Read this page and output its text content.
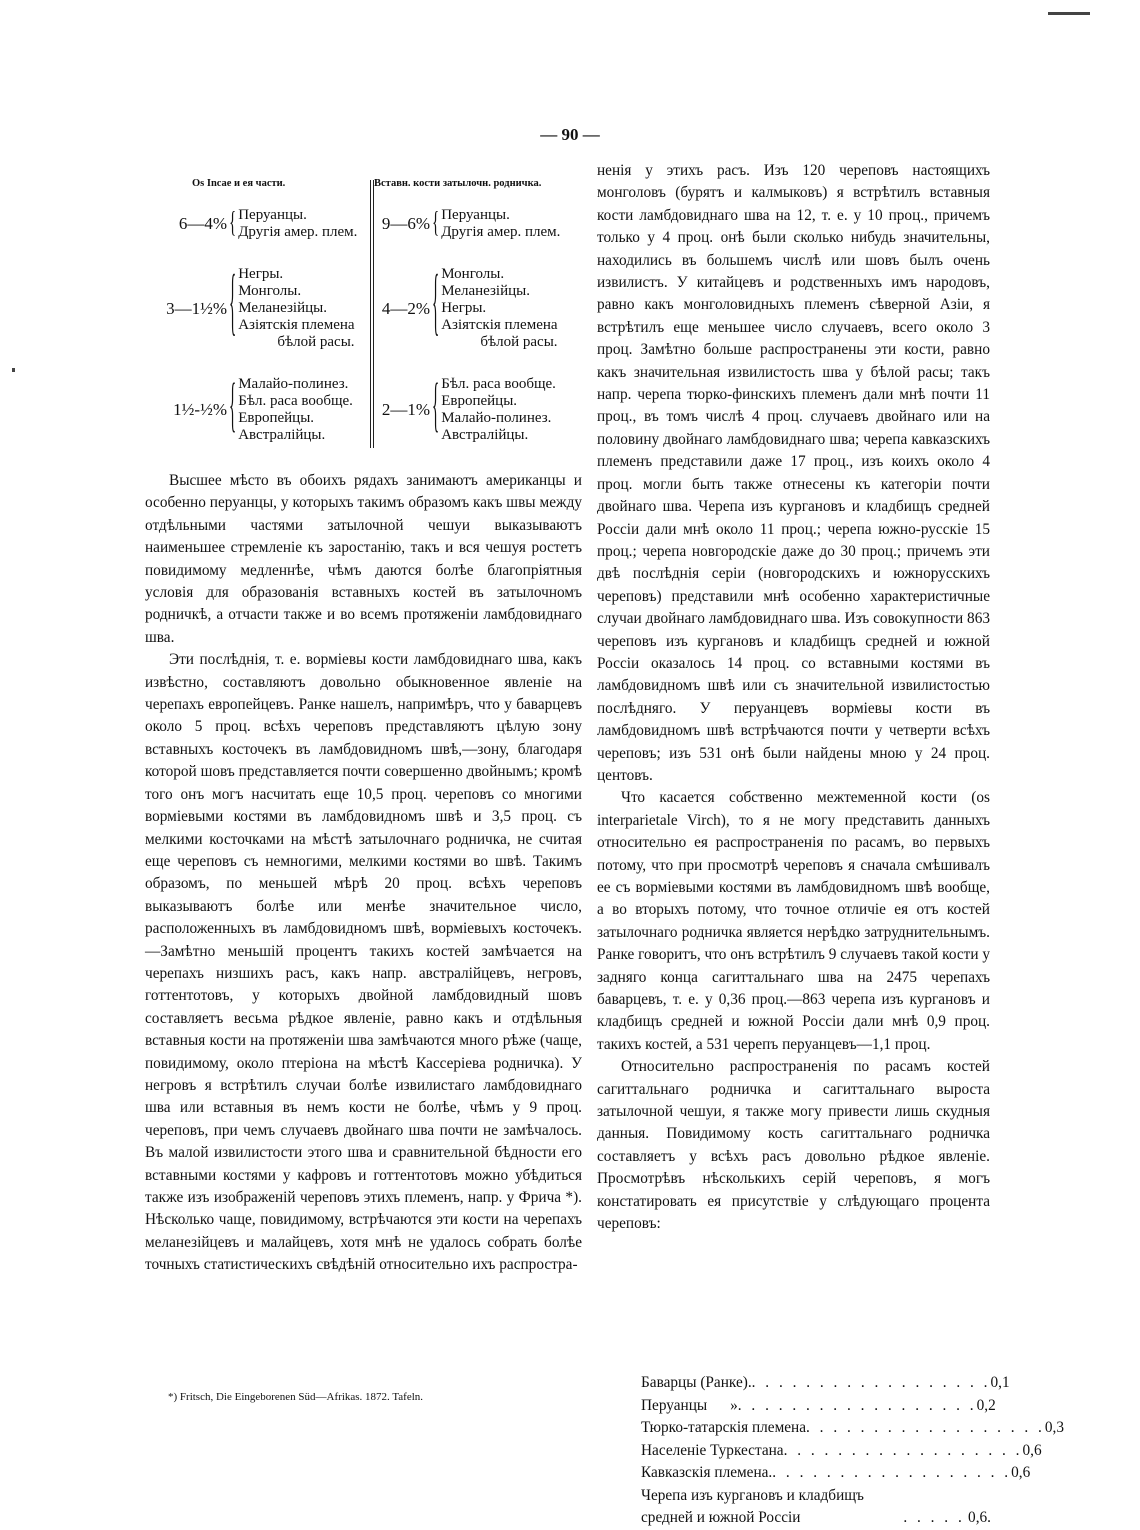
— 90 —
Os Incae и ея части.	Вставн. кости затылочн. родничка.
6—4% { Перуанцы.
Другія амер. плем.
3—1½% { Негры.
Монголы.
Меланезійцы.
Азіятскія племена
бѣлой расы.
1½-½% { Малайо-полинез.
Бѣл. раса вообще.
Европейцы.
Австралійцы.
9—6% { Перуанцы.
Другія амер. плем.
4—2% { Монголы.
Меланезійцы.
Негры.
Азіятскія племена
бѣлой расы.
2—1% { Бѣл. раса вообще.
Европейцы.
Малайо-полинез.
Австралійцы.

Высшее мѣсто въ обоихъ рядахъ занимаютъ американцы и особенно перуанцы, у которыхъ такимъ образомъ какъ швы между отдѣльными частями затылочной чешуи выказываютъ наименьшее стремленіе къ заростанію, такъ и вся чешуя ростетъ повидимому медленнѣе, чѣмъ даются болѣе благопріятныя условія для образованія вставныхъ костей въ затылочномъ родничкѣ, а отчасти также и во всемъ протяженіи ламбдовиднаго шва.

Эти послѣднія, т. е. ворміевы кости ламбдовиднаго шва, какъ извѣстно, составляютъ довольно обыкновенное явленіе на черепахъ европейцевъ. Ранке нашелъ, напримѣръ, что у баварцевъ около 5 проц. всѣхъ череповъ представляютъ цѣлую зону вставныхъ косточекъ въ ламбдовидномъ швѣ,—зону, благодаря которой шовъ представляется почти совершенно двойнымъ; кромѣ того онъ могъ насчитать еще 10,5 проц. череповъ со многими ворміевыми костями въ ламбдовидномъ швѣ и 3,5 проц. съ мелкими косточками на мѣстѣ затылочнаго родничка, не считая еще череповъ съ немногими, мелкими костями во швѣ. Такимъ образомъ, по меньшей мѣрѣ 20 проц. всѣхъ череповъ выказываютъ болѣе или менѣе значительное число, расположенныхъ въ ламбдовидномъ швѣ, ворміевыхъ косточекъ.—Замѣтно меньшій процентъ такихъ костей замѣчается на черепахъ низшихъ расъ, какъ напр. австралійцевъ, негровъ, готтентотовъ, у которыхъ двойной ламбдовидный шовъ составляетъ весьма рѣдкое явленіе, равно какъ и отдѣльныя вставныя кости на протяженіи шва замѣчаются много рѣже (чаще, повидимому, около птеріона на мѣстѣ Кассеріева родничка). У негровъ я встрѣтилъ случаи болѣе извилистаго ламбдовиднаго шва или вставныя въ немъ кости не болѣе, чѣмъ у 9 проц. череповъ, при чемъ случаевъ двойнаго шва почти не замѣчалось. Въ малой извилистости этого шва и сравнительной бѣдности его вставными костями у кафровъ и готтентотовъ можно убѣдиться также изъ изображеній череповъ этихъ племенъ, напр. у Фрича *). Нѣсколько чаще, повидимому, встрѣчаются эти кости на черепахъ меланезійцевъ и малайцевъ, хотя мнѣ не удалось собрать болѣе точныхъ статистическихъ свѣдѣній относительно ихъ распростра-

*) Fritsch, Die Eingeborenen Süd—Afrikas. 1872. Tafeln.

ненія у этихъ расъ. Изъ 120 череповъ настоящихъ монголовъ (бурятъ и калмыковъ) я встрѣтилъ вставныя кости ламбдовиднаго шва на 12, т. е. у 10 проц., причемъ только у 4 проц. онѣ были сколько нибудь значительны, находились въ большемъ числѣ или шовъ былъ очень извилистъ. У китайцевъ и родственныхъ имъ народовъ, равно какъ монголовидныхъ племенъ сѣверной Азіи, я встрѣтилъ еще меньшее число случаевъ, всего около 3 проц. Замѣтно больше распространены эти кости, равно какъ значительная извилистость шва у бѣлой расы; такъ напр. черепа тюрко-финскихъ племенъ дали мнѣ почти 11 проц., въ томъ числѣ 4 проц. случаевъ двойнаго или на половину двойнаго ламбдовиднаго шва; черепа кавказскихъ племенъ представили даже 17 проц., изъ коихъ около 4 проц. могли быть также отнесены къ категоріи почти двойнаго шва. Черепа изъ кургановъ и кладбищъ средней Россіи дали мнѣ около 11 проц.; черепа южно-русскіе 15 проц.; черепа новгородскіе даже до 30 проц.; причемъ эти двѣ послѣднія серіи (новгородскихъ и южнорусскихъ череповъ) представили мнѣ особенно характеристичные случаи двойнаго ламбдовиднаго шва. Изъ совокупности 863 череповъ изъ кургановъ и кладбищъ средней и южной Россіи оказалось 14 проц. со вставными костями въ ламбдовидномъ швѣ или съ значительной извилистостью послѣдняго. У перуанцевъ ворміевы кости въ ламбдовидномъ швѣ встрѣчаются почти у четверти всѣхъ череповъ; изъ 531 онѣ были найдены мною у 24 проц. центовъ.

Что касается собственно межтеменной кости (os interparietale Virch), то я не могу представить данныхъ относительно ея распространенія по расамъ, во первыхъ потому, что при просмотрѣ череповъ я сначала смѣшивалъ ее съ ворміевыми костями въ ламбдовидномъ швѣ вообще, а во вторыхъ потому, что точное отличіе ея отъ костей затылочнаго родничка является нерѣдко затруднительнымъ. Ранке говоритъ, что онъ встрѣтилъ 9 случаевъ такой кости у задняго конца сагиттальнаго шва на 2475 черепахъ баварцевъ, т. е. у 0,36 проц.—863 черепа изъ кургановъ и кладбищъ средней и южной Россіи дали мнѣ 0,9 проц. такихъ костей, а 531 черепъ перуанцевъ—1,1 проц.

Относительно распространенія по расамъ костей сагиттальнаго родничка и сагиттальнаго выроста затылочной чешуи, я также могу привести лишь скудныя данныя. Повидимому кость сагиттальнаго родничка составляетъ у всѣхъ расъ довольно рѣдкое явленіе. Просмотрѣвъ нѣсколькихъ серій череповъ, я могъ констатировать ея присутствіе у слѣдующаго процента череповъ:

Баварцы (Ранке). . . . . . . . . . . . . . . . . . . 0,1
Перуанцы      » . . . . . . . . . . . . . . . . . . 0,2
Тюрко-татарскія племена . . . . . . . . . . . . . . . . . . 0,3
Населеніе Туркестана . . . . . . . . . . . . . . . . . . 0,6
Кавказскія племена. . . . . . . . . . . . . . . . . . . 0,6
Черепа изъ кургановъ и кладбищъ средней и южной Россіи	. . . . . 0,6.
